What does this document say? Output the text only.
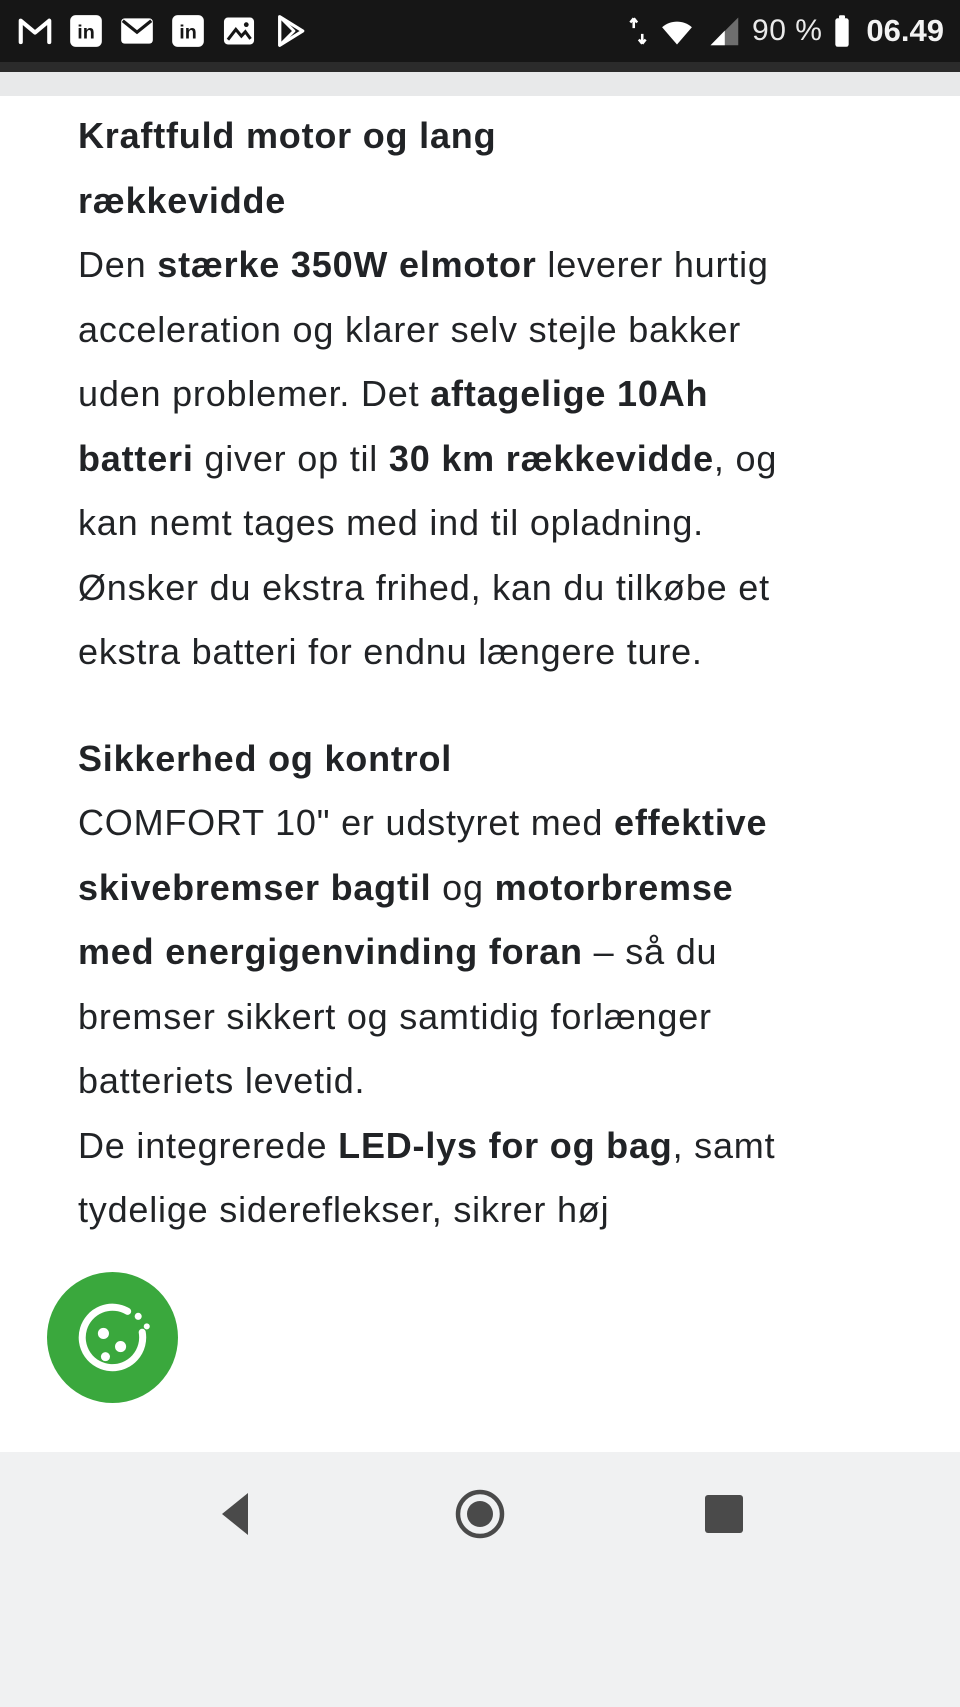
in	in	90 % 06.49
Kraftfuld motor og lang rækkevidde

Den stærke 350W elmotor leverer hurtig acceleration og klarer selv stejle bakker uden problemer. Det aftagelige 10Ah batteri giver op til 30 km rækkevidde, og kan nemt tages med ind til opladning. Ønsker du ekstra frihed, kan du tilkøbe et ekstra batteri for endnu længere ture.

Sikkerhed og kontrol

COMFORT 10" er udstyret med effektive skivebremser bagtil og motorbremse med energigenvinding foran – så du bremser sikkert og samtidig forlænger batteriets levetid.

De integrerede LED-lys for og bag, samt tydelige sidereflekser, sikrer høj
